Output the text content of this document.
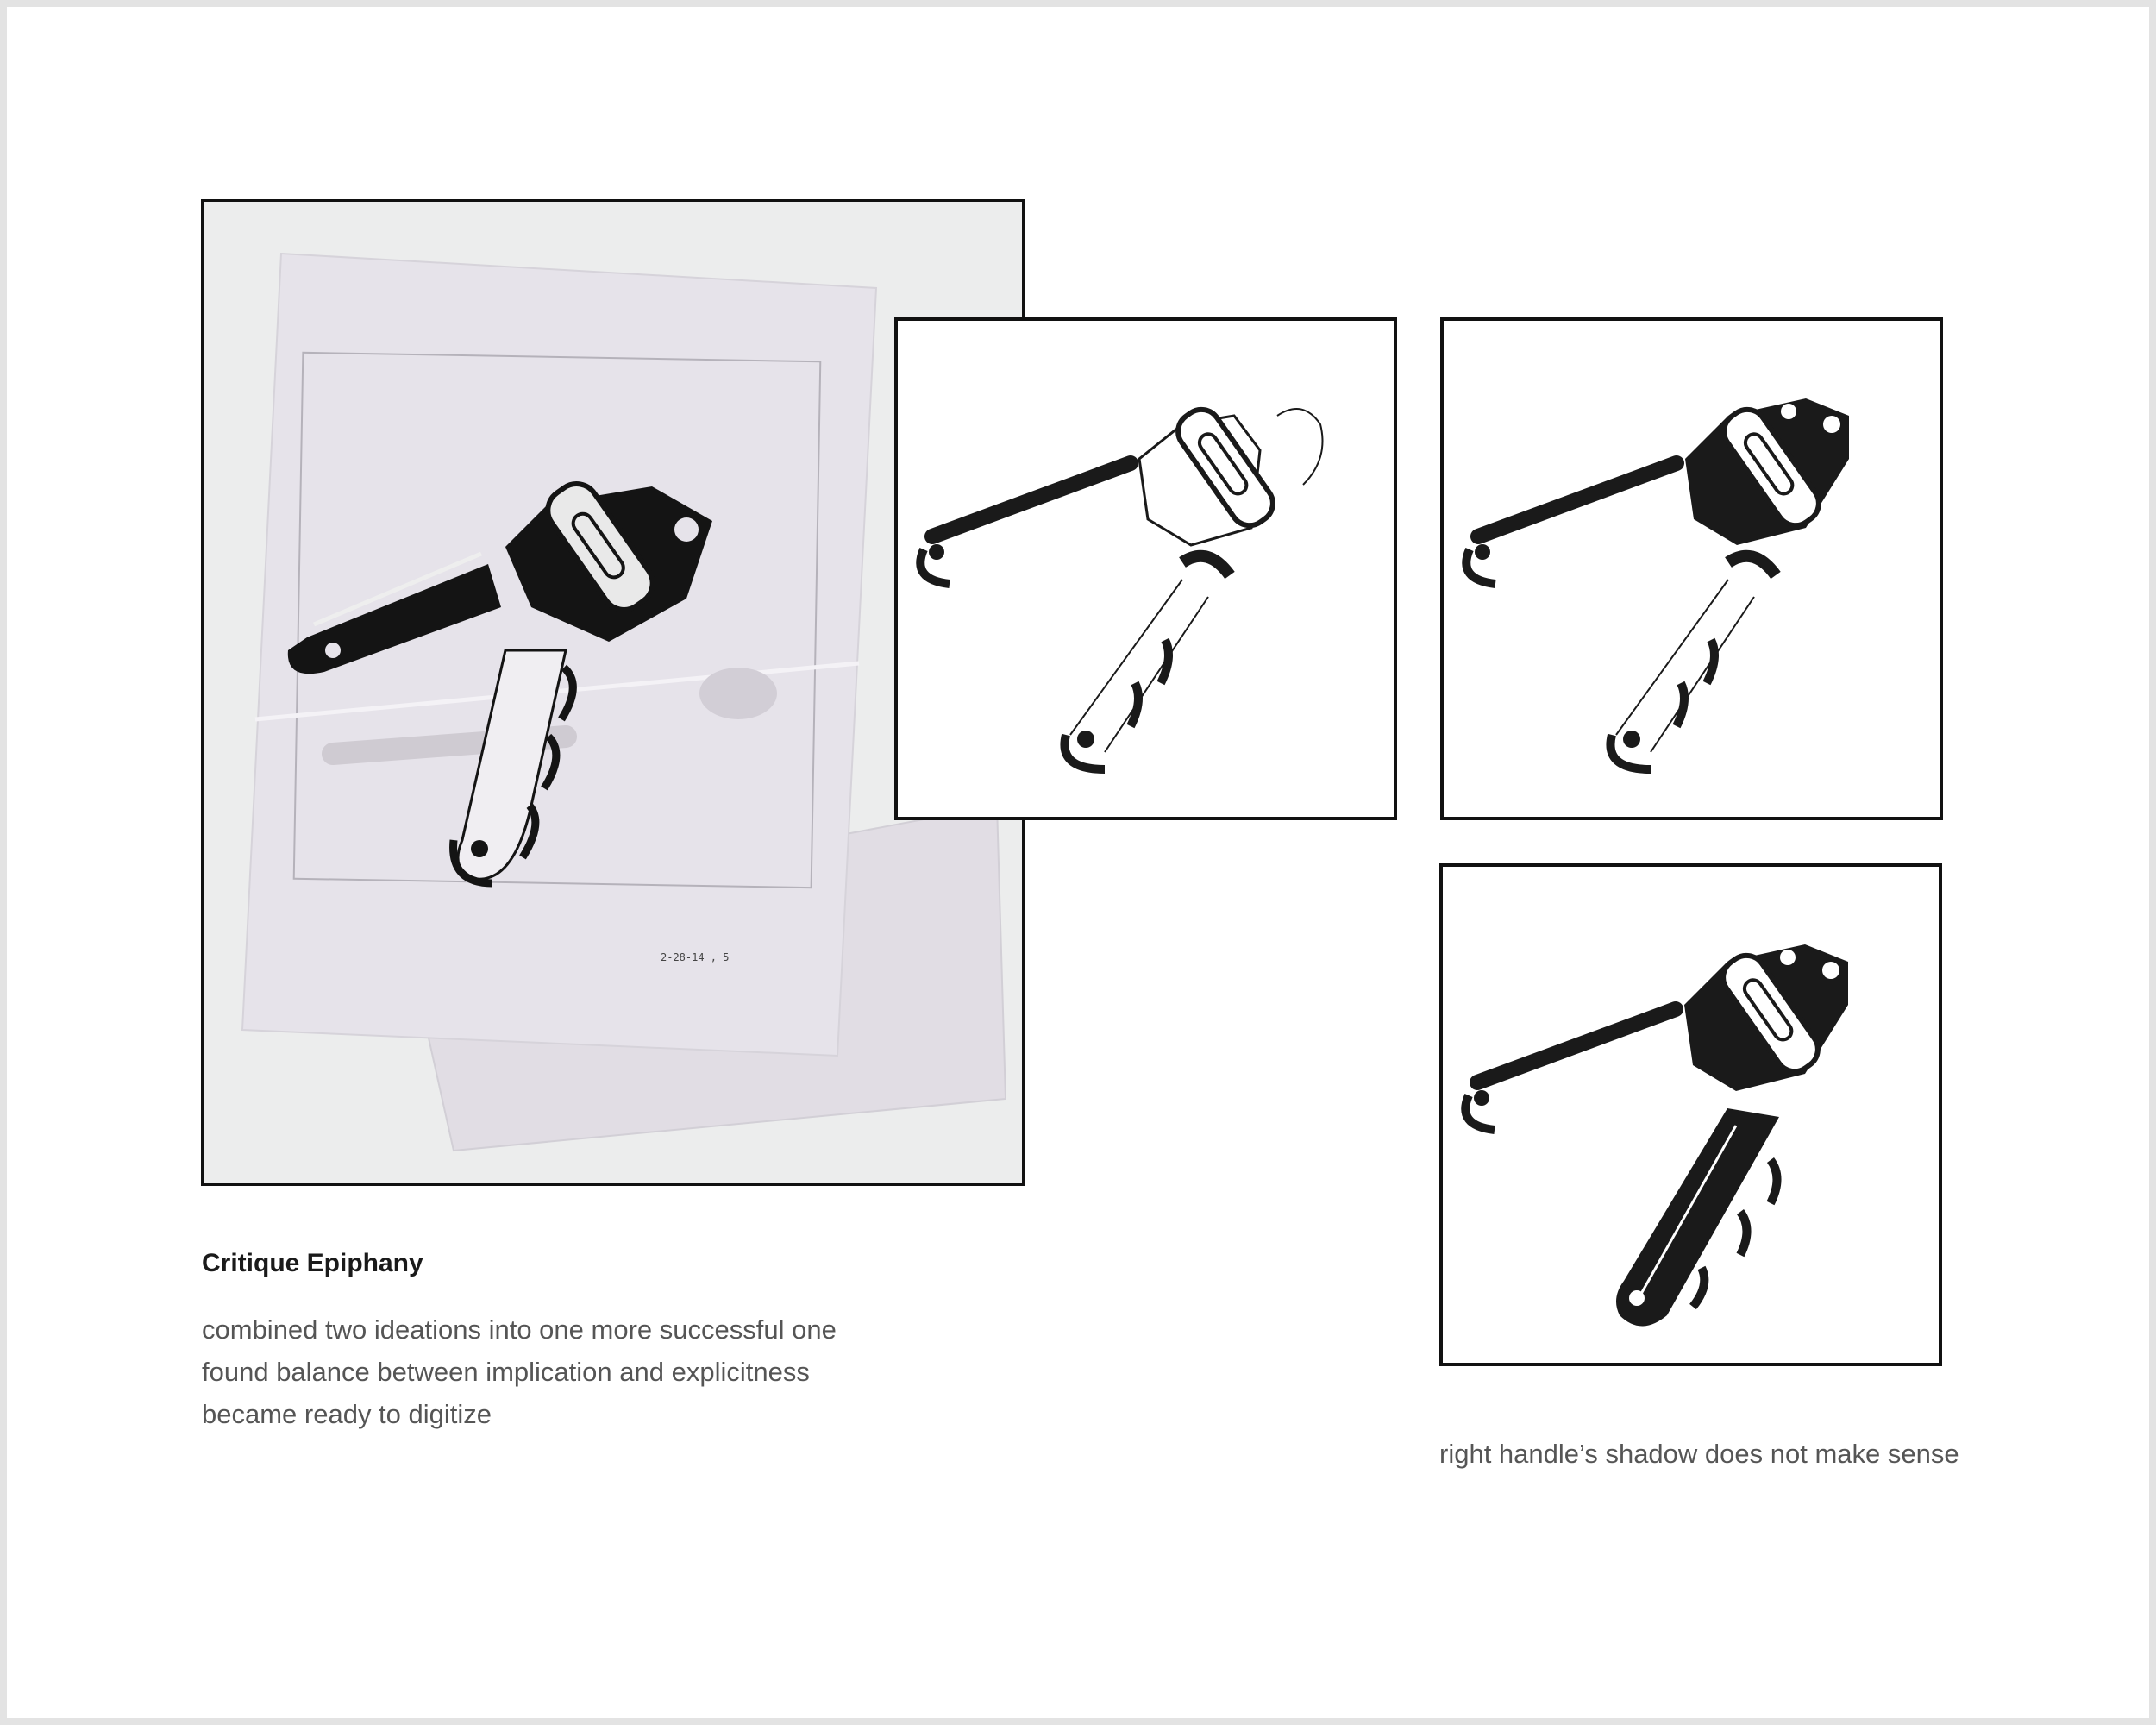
2-28-14 , 5
Critique Epiphany
combined two ideations into one more successful one
found balance between implication and explicitness
became ready to digitize

right handle’s shadow does not make sense
